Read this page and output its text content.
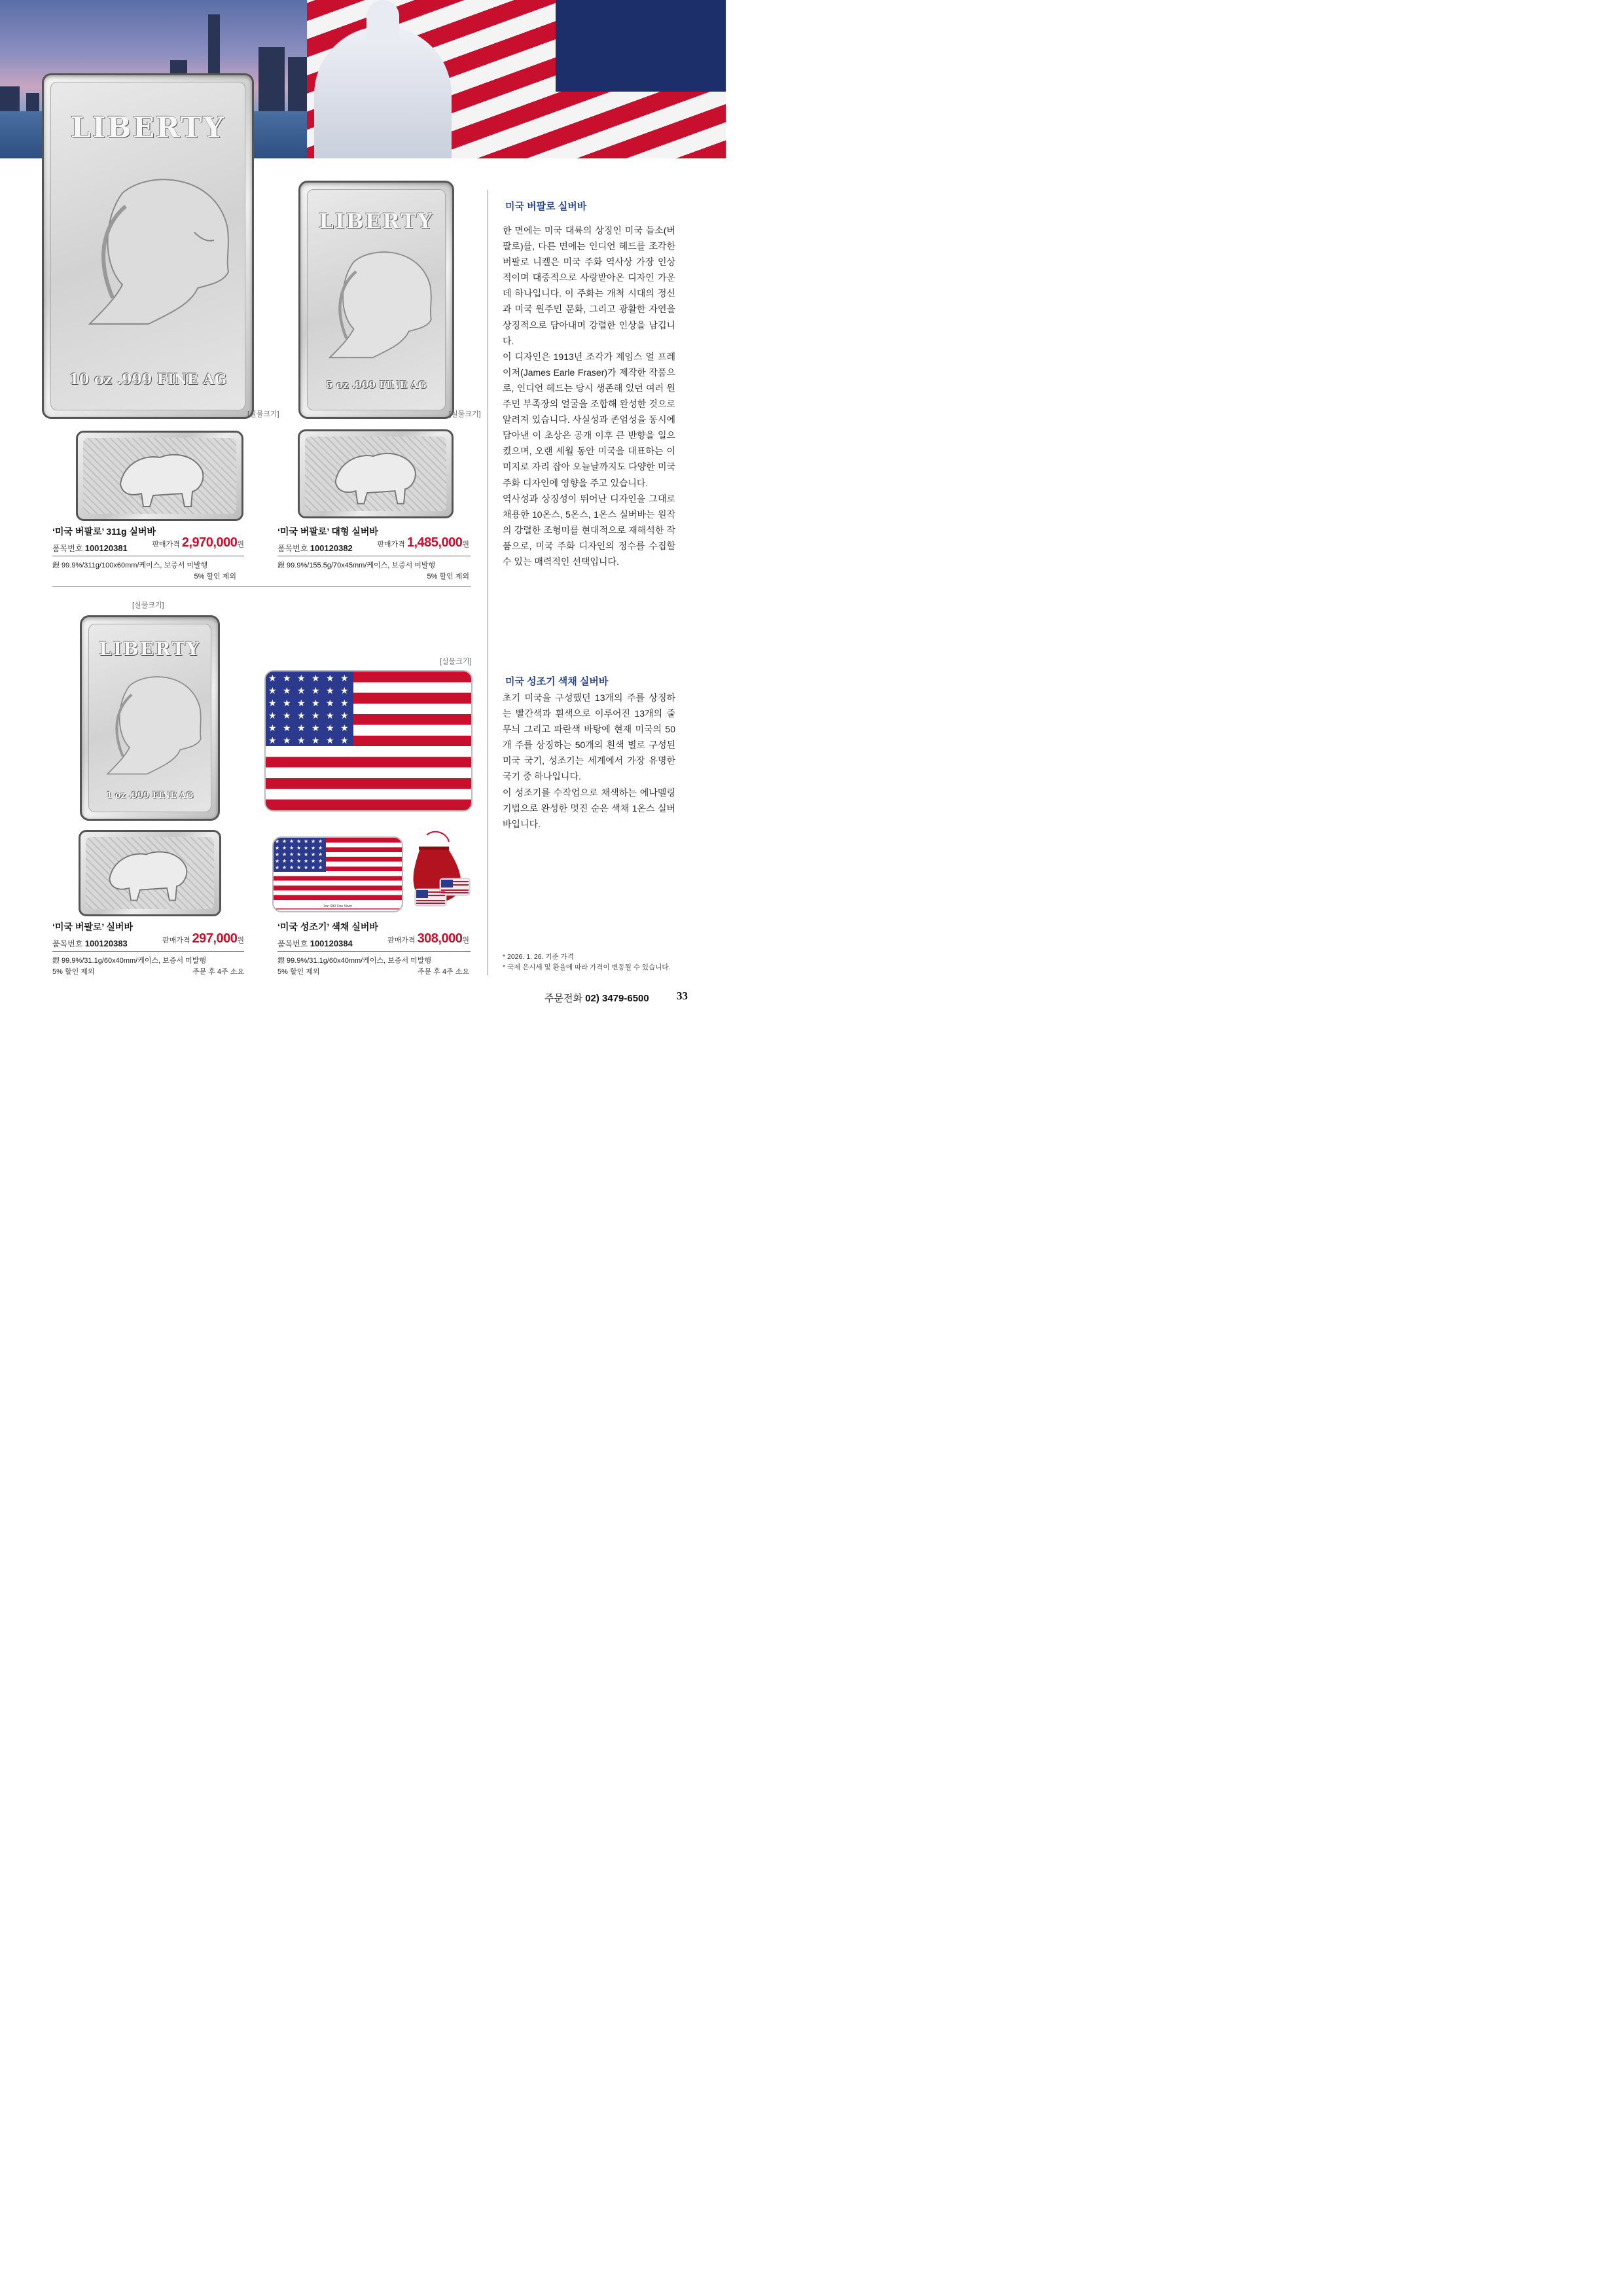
LIBERTY
10 oz .999 FINE AG
[실물크기]
LIBERTY
5 oz .999 FINE AG
[실물크기]
‘미국 버팔로’ 311g 실버바
품목번호 100120381	판매가격 2,970,000원
銀 99.9%/311g/100x60mm/케이스, 보증서 미발행
5% 할인 제외
‘미국 버팔로’ 대형 실버바
품목번호 100120382	판매가격 1,485,000원
銀 99.9%/155.5g/70x45mm/케이스, 보증서 미발행
5% 할인 제외
[실물크기]
LIBERTY
1 oz .999 FINE AG
[실물크기]
1oz .999 Fine Silver
‘미국 버팔로’ 실버바
품목번호 100120383	판매가격 297,000원
銀 99.9%/31.1g/60x40mm/케이스, 보증서 미발행
5% 할인 제외	주문 후 4주 소요
‘미국 성조기’ 색채 실버바
품목번호 100120384	판매가격 308,000원
銀 99.9%/31.1g/60x40mm/케이스, 보증서 미발행
5% 할인 제외	주문 후 4주 소요
미국 버팔로 실버바
한 면에는 미국 대륙의 상징인 미국 들소(버팔로)를, 다른 면에는 인디언 헤드를 조각한 버팔로 니켈은 미국 주화 역사상 가장 인상적이며 대중적으로 사랑받아온 디자인 가운데 하나입니다. 이 주화는 개척 시대의 정신과 미국 원주민 문화, 그리고 광활한 자연을 상징적으로 담아내며 강렬한 인상을 남깁니다.
이 디자인은 1913년 조각가 제임스 얼 프레이저(James Earle Fraser)가 제작한 작품으로, 인디언 헤드는 당시 생존해 있던 여러 원주민 부족장의 얼굴을 조합해 완성한 것으로 알려져 있습니다. 사실성과 존엄성을 동시에 담아낸 이 초상은 공개 이후 큰 반향을 일으켰으며, 오랜 세월 동안 미국을 대표하는 이미지로 자리 잡아 오늘날까지도 다양한 미국 주화 디자인에 영향을 주고 있습니다.
역사성과 상징성이 뛰어난 디자인을 그대로 채용한 10온스, 5온스, 1온스 실버바는 원작의 강렬한 조형미를 현대적으로 재해석한 작품으로, 미국 주화 디자인의 정수를 수집할 수 있는 매력적인 선택입니다.
미국 성조기 색채 실버바
초기 미국을 구성했던 13개의 주를 상징하는 빨간색과 흰색으로 이루어진 13개의 줄무늬 그리고 파란색 바탕에 현재 미국의 50개 주를 상징하는 50개의 흰색 별로 구성된 미국 국기, 성조기는 세계에서 가장 유명한 국기 중 하나입니다.
이 성조기를 수작업으로 채색하는 에나멜링 기법으로 완성한 멋진 순은 색채 1온스 실버바입니다.
* 2026. 1. 26. 기준 가격
* 국제 은시세 및 환율에 따라 가격이 변동될 수 있습니다.
주문전화 02) 3479-6500 33
